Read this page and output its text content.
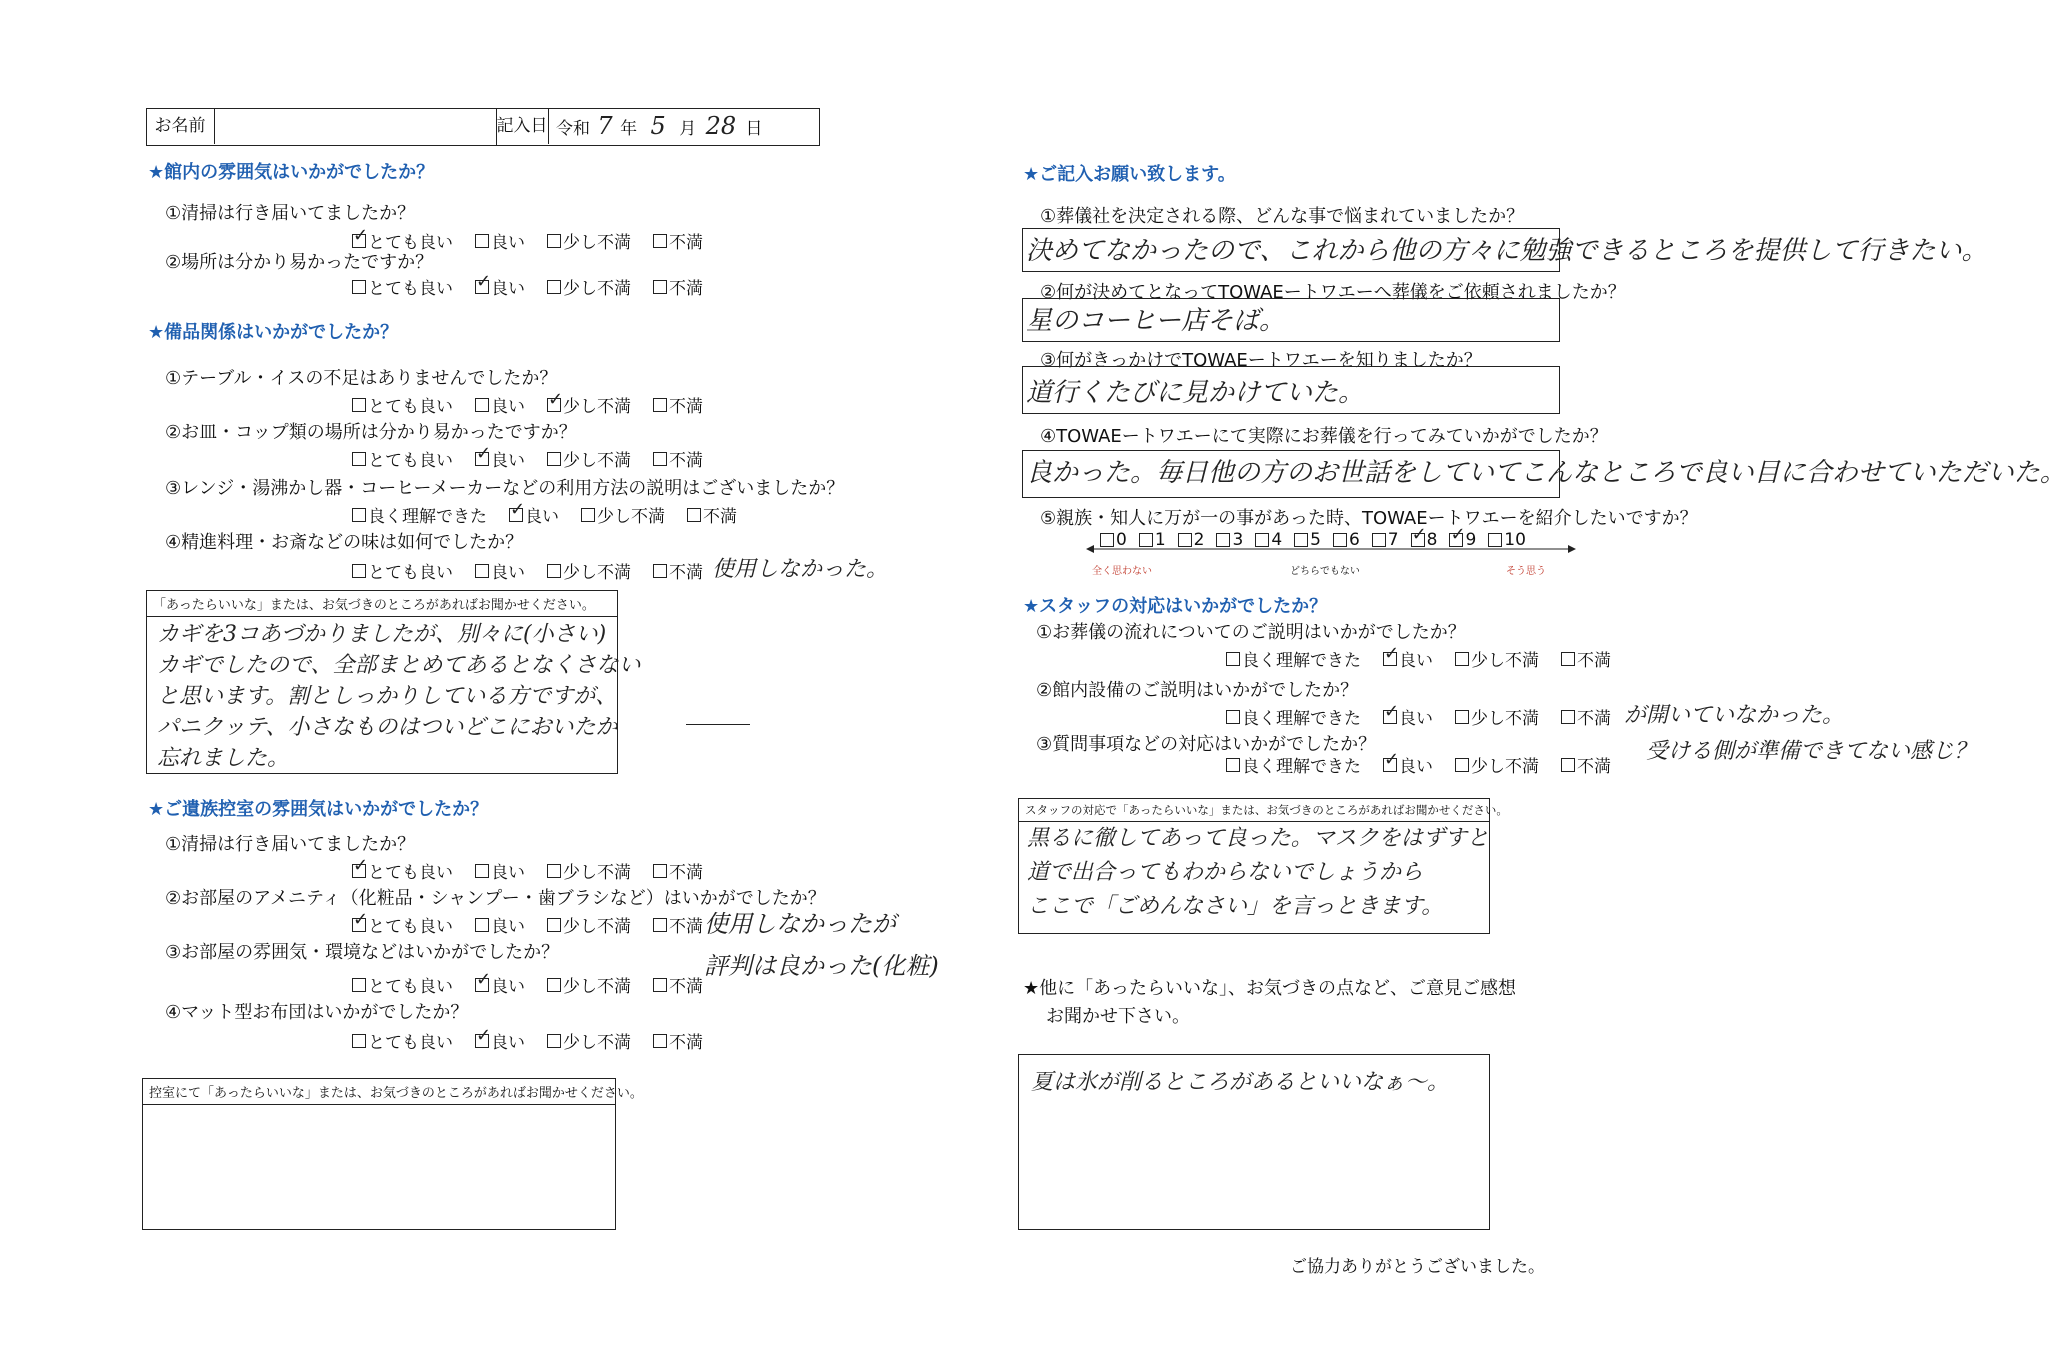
お名前	記入日 令和 7 年 5 月 28 日
★館内の雰囲気はいかがでしたか？
①清掃は行き届いてましたか？
✓
とても良い 良い 少し不満 不満
②場所は分かり易かったですか？
とても良い ✓ 良い 少し不満 不満
★備品関係はいかがでしたか？
①テーブル・イスの不足はありませんでしたか？
とても良い 良い ✓ 少し不満 不満
②お皿・コップ類の場所は分かり易かったですか？
とても良い ✓ 良い 少し不満 不満
③レンジ・湯沸かし器・コーヒーメーカーなどの利用方法の説明はございましたか？
良く理解できた ✓ 良い 少し不満 不満
④精進料理・お斎などの味は如何でしたか？
とても良い 良い 少し不満 不満 使用しなかった。
「あったらいいな」または、お気づきのところがあればお聞かせください。
カギを3コあづかりましたが、別々に(小さい)
カギでしたので、全部まとめてあるとなくさない
と思います。割としっかりしている方ですが、
パニクッテ、小さなものはついどこにおいたか
忘れました。
★ご遺族控室の雰囲気はいかがでしたか？
①清掃は行き届いてましたか？
✓
とても良い 良い 少し不満 不満
②お部屋のアメニティ（化粧品・シャンプー・歯ブラシなど）はいかがでしたか？
✓
とても良い 良い 少し不満 不満 使用しなかったが
評判は良かった(化粧)
③お部屋の雰囲気・環境などはいかがでしたか？
とても良い ✓ 良い 少し不満 不満
④マット型お布団はいかがでしたか？
とても良い ✓ 良い 少し不満 不満
控室にて「あったらいいな」または、お気づきのところがあればお聞かせください。
★ご記入お願い致します。
①葬儀社を決定される際、どんな事で悩まれていましたか？
決めてなかったので、これから他の方々に勉強できるところを提供して行きたい。
②何が決めてとなってTOWAEートワエーへ葬儀をご依頼されましたか？
星のコーヒー店そば。
③何がきっかけでTOWAEートワエーを知りましたか？
道行くたびに見かけていた。
④TOWAEートワエーにて実際にお葬儀を行ってみていかがでしたか？
良かった。毎日他の方のお世話をしていてこんなところで良い目に合わせていただいた。
⑤親族・知人に万が一の事があった時、TOWAEートワエーを紹介したいですか？
0 1 2 3 4 5 6 7 ✓ 8 ✓ 9 10
全く思わない	どちらでもない	そう思う
★スタッフの対応はいかがでしたか？
①お葬儀の流れについてのご説明はいかがでしたか？
良く理解できた ✓ 良い 少し不満 不満
②館内設備のご説明はいかがでしたか？
良く理解できた ✓ 良い 少し不満 不満 が開いていなかった。
受ける側が準備できてない感じ？
③質問事項などの対応はいかがでしたか？
良く理解できた ✓ 良い 少し不満 不満
スタッフの対応で「あったらいいな」または、お気づきのところがあればお聞かせください。
黒るに徹してあって良った。マスクをはずすと
道で出合ってもわからないでしょうから
ここで「ごめんなさい」を言っときます。
★他に「あったらいいな」、お気づきの点など、ご意見ご感想
お聞かせ下さい。
夏は氷が削るところがあるといいなぁ〜。
ご協力ありがとうございました。
